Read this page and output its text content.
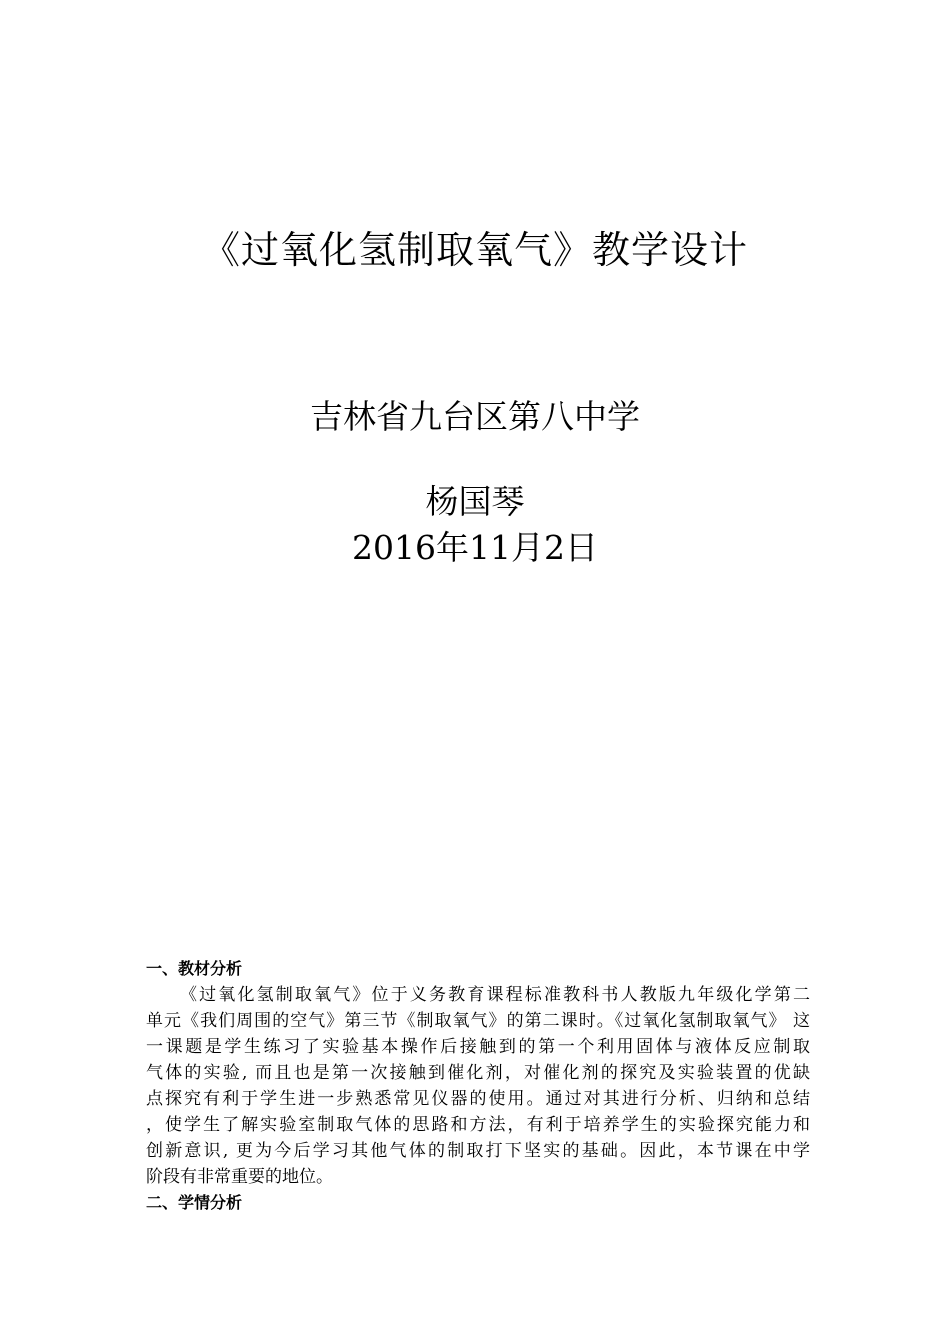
《过氧化氢制取氧气》教学设计
吉林省九台区第八中学
杨国琴
2016年11月2日
一、教材分析
《过氧化氢制取氧气》位于义务教育课程标准教科书人教版九年级化学第二
单元《我们周围的空气》第三节《制取氧气》的第二课时。《过氧化氢制取氧气》 这
一课题是学生练习了实验基本操作后接触到的第一个利用固体与液体反应制取
气体的实验, 而且也是第一次接触到催化剂，对催化剂的探究及实验装置的优缺
点探究有利于学生进一步熟悉常见仪器的使用。通过对其进行分析、归纳和总结
，使学生了解实验室制取气体的思路和方法，有利于培养学生的实验探究能力和
创新意识, 更为今后学习其他气体的制取打下坚实的基础。因此，本节课在中学
阶段有非常重要的地位。
二、学情分析
